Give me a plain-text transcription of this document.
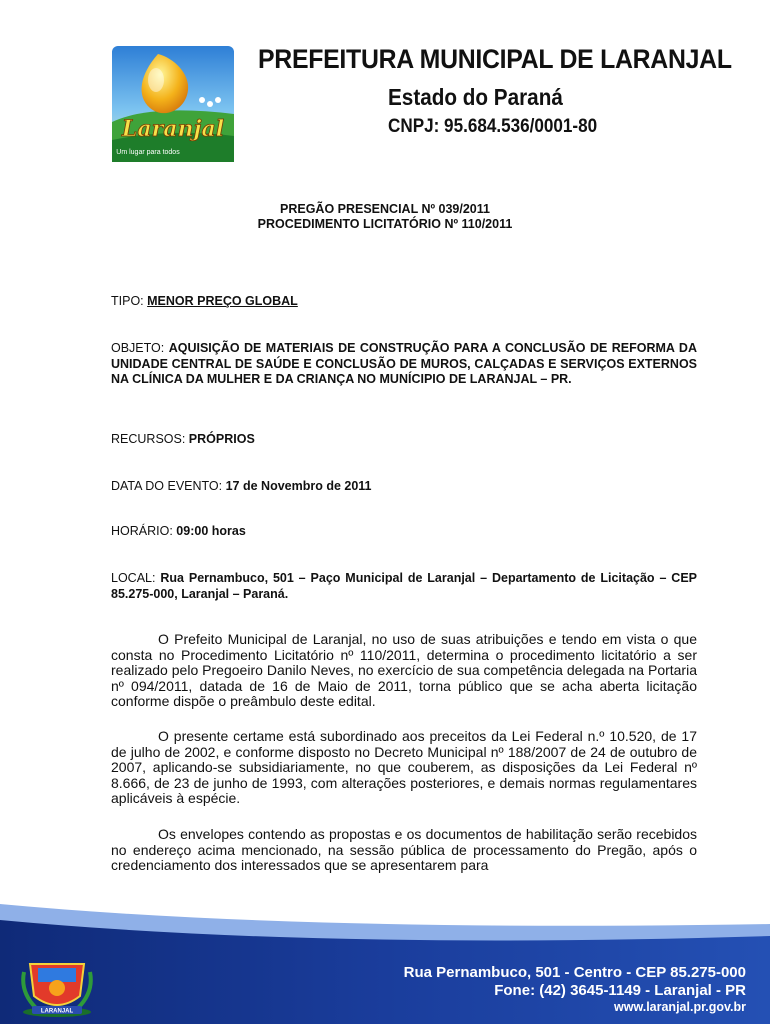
Laranjal
Um lugar para todos
PREFEITURA MUNICIPAL DE LARANJAL
Estado do Paraná
CNPJ: 95.684.536/0001-80
PREGÃO PRESENCIAL Nº 039/2011
PROCEDIMENTO LICITATÓRIO Nº 110/2011
TIPO: MENOR PREÇO GLOBAL
OBJETO: AQUISIÇÃO DE MATERIAIS DE CONSTRUÇÃO PARA A CONCLUSÃO DE REFORMA DA UNIDADE CENTRAL DE SAÚDE E CONCLUSÃO DE MUROS, CALÇADAS E SERVIÇOS EXTERNOS NA CLÍNICA DA MULHER E DA CRIANÇA NO MUNÍCIPIO DE LARANJAL – PR.
RECURSOS: PRÓPRIOS
DATA DO EVENTO: 17 de Novembro de 2011
HORÁRIO: 09:00 horas
LOCAL: Rua Pernambuco, 501 – Paço Municipal de Laranjal – Departamento de Licitação – CEP 85.275-000, Laranjal – Paraná.
O Prefeito Municipal de Laranjal, no uso de suas atribuições e tendo em vista o que consta no Procedimento Licitatório nº 110/2011, determina o procedimento licitatório a ser realizado pelo Pregoeiro Danilo Neves, no exercício de sua competência delegada na Portaria nº 094/2011, datada de 16 de Maio de 2011, torna público que se acha aberta licitação conforme dispõe o preâmbulo deste edital.
O presente certame está subordinado aos preceitos da Lei Federal n.º 10.520, de 17 de julho de 2002, e conforme disposto no Decreto Municipal nº 188/2007 de 24 de outubro de 2007, aplicando-se subsidiariamente, no que couberem, as disposições da Lei Federal nº 8.666, de 23 de junho de 1993, com alterações posteriores, e demais normas regulamentares aplicáveis à espécie.
Os envelopes contendo as propostas e os documentos de habilitação serão recebidos no endereço acima mencionado, na sessão pública de processamento do Pregão, após o credenciamento dos interessados que se apresentarem para
LARANJAL
Rua Pernambuco, 501 - Centro - CEP 85.275-000
Fone: (42) 3645-1149 - Laranjal - PR
www.laranjal.pr.gov.br
